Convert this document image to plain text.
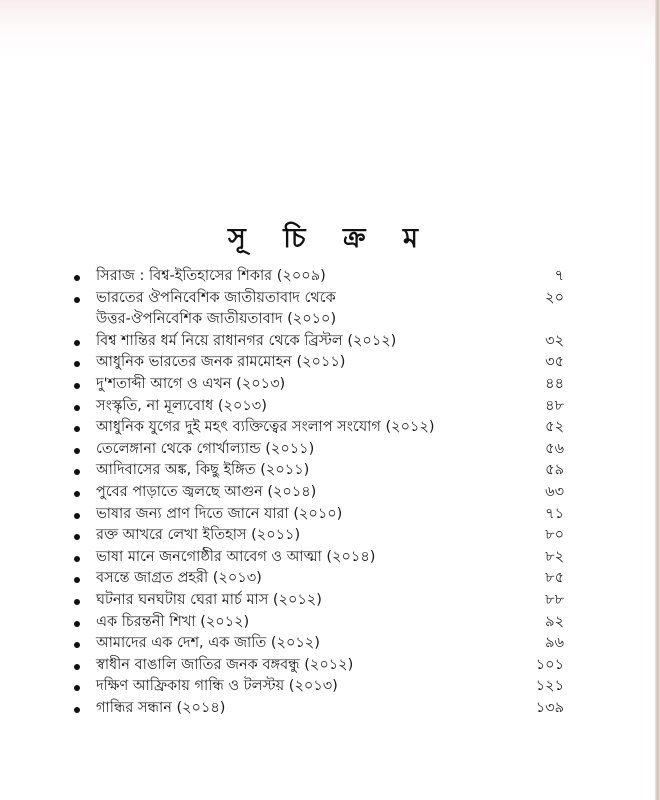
সূ চি ক্র ম
সিরাজ : বিশ্ব-ইতিহাসের শিকার (২০০৯)	৭
ভারতের ঔপনিবেশিক জাতীয়তাবাদ থেকে
উত্তর-ঔপনিবেশিক জাতীয়তাবাদ (২০১০)
২০
বিশ্ব শান্তির ধর্ম নিয়ে রাধানগর থেকে ব্রিস্টল (২০১২)	৩২
আধুনিক ভারতের জনক রামমোহন (২০১১)	৩৫
দু'শতাব্দী আগে ও এখন (২০১৩)	৪৪
সংস্কৃতি, না মূল্যবোধ (২০১৩)	৪৮
আধুনিক যুগের দুই মহৎ ব্যক্তিত্বের সংলাপ সংযোগ (২০১২)	৫২
তেলেঙ্গানা থেকে গোর্খাল্যান্ড (২০১১)	৫৬
আদিবাসের অঙ্ক, কিছু ইঙ্গিত (২০১১)	৫৯
পুবের পাড়াতে জ্বলছে আগুন (২০১৪)	৬৩
ভাষার জন্য প্রাণ দিতে জানে যারা (২০১০)	৭১
রক্ত আখরে লেখা ইতিহাস (২০১১)	৮০
ভাষা মানে জনগোষ্ঠীর আবেগ ও আত্মা (২০১৪)	৮২
বসন্তে জাগ্রত প্রহরী (২০১৩)	৮৫
ঘটনার ঘনঘটায় ঘেরা মার্চ মাস (২০১২)	৮৮
এক চিরন্তনী শিখা (২০১২)	৯২
আমাদের এক দেশ, এক জাতি (২০১২)	৯৬
স্বাধীন বাঙালি জাতির জনক বঙ্গবন্ধু (২০১২)	১০১
দক্ষিণ আফ্রিকায় গান্ধি ও টলস্টয় (২০১৩)	১২১
গান্ধির সন্ধান (২০১৪)	১৩৯
